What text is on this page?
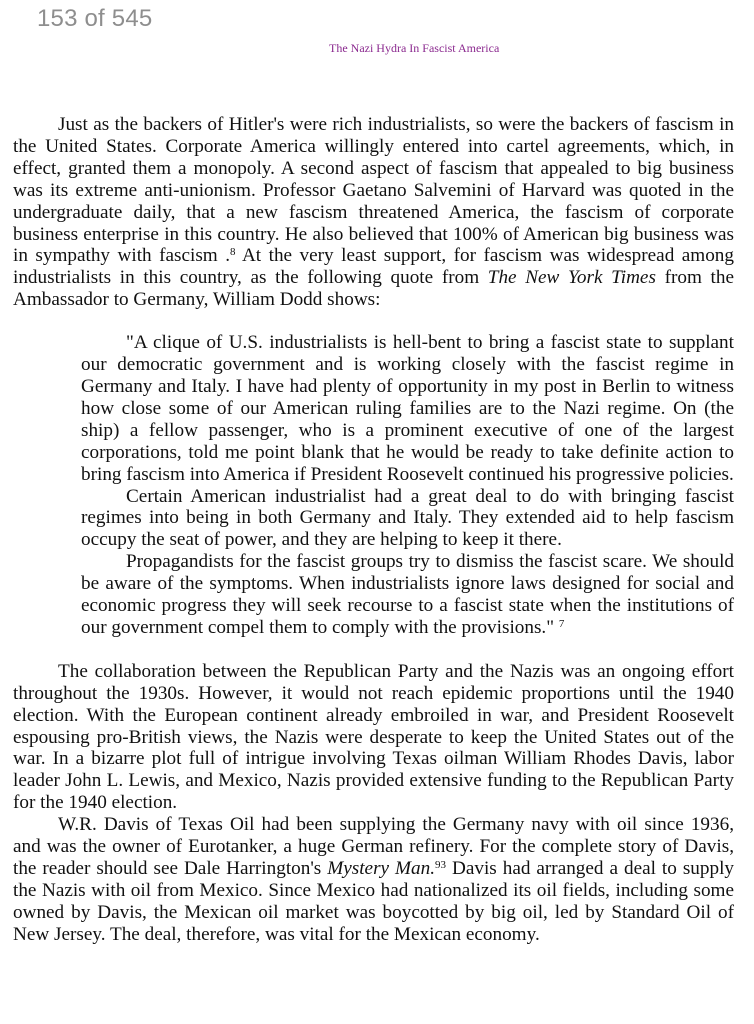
153 of 545
The Nazi Hydra In Fascist America

Just as the backers of Hitler's were rich industrialists, so were the backers of fascism in the United States. Corporate America willingly entered into cartel agreements, which, in effect, granted them a monopoly. A second aspect of fascism that appealed to big business was its extreme anti-unionism. Professor Gaetano Salvemini of Harvard was quoted in the undergraduate daily, that a new fascism threatened America, the fascism of corporate business enterprise in this country. He also believed that 100% of American big business was in sympathy with fascism .$^8$ At the very least support, for fascism was widespread among industrialists in this country, as the following quote from The New York Times from the Ambassador to Germany, William Dodd shows:

"A clique of U.S. industrialists is hell-bent to bring a fascist state to supplant our democratic government and is working closely with the fascist regime in Germany and Italy. I have had plenty of opportunity in my post in Berlin to witness how close some of our American ruling families are to the Nazi regime. On (the ship) a fellow passenger, who is a prominent executive of one of the largest corporations, told me point blank that he would be ready to take definite action to bring fascism into America if President Roosevelt continued his progressive policies.

Certain American industrialist had a great deal to do with bringing fascist regimes into being in both Germany and Italy. They extended aid to help fascism occupy the seat of power, and they are helping to keep it there.

Propagandists for the fascist groups try to dismiss the fascist scare. We should be aware of the symptoms. When industrialists ignore laws designed for social and economic progress they will seek recourse to a fascist state when the institutions of our government compel them to comply with the provisions." $^7$

The collaboration between the Republican Party and the Nazis was an ongoing effort throughout the 1930s. However, it would not reach epidemic proportions until the 1940 election. With the European continent already embroiled in war, and President Roosevelt espousing pro-British views, the Nazis were desperate to keep the United States out of the war. In a bizarre plot full of intrigue involving Texas oilman William Rhodes Davis, labor leader John L. Lewis, and Mexico, Nazis provided extensive funding to the Republican Party for the 1940 election.

W.R. Davis of Texas Oil had been supplying the Germany navy with oil since 1936, and was the owner of Eurotanker, a huge German refinery. For the complete story of Davis, the reader should see Dale Harrington's Mystery Man.$^{93}$ Davis had arranged a deal to supply the Nazis with oil from Mexico. Since Mexico had nationalized its oil fields, including some owned by Davis, the Mexican oil market was boycotted by big oil, led by Standard Oil of New Jersey. The deal, therefore, was vital for the Mexican economy.
